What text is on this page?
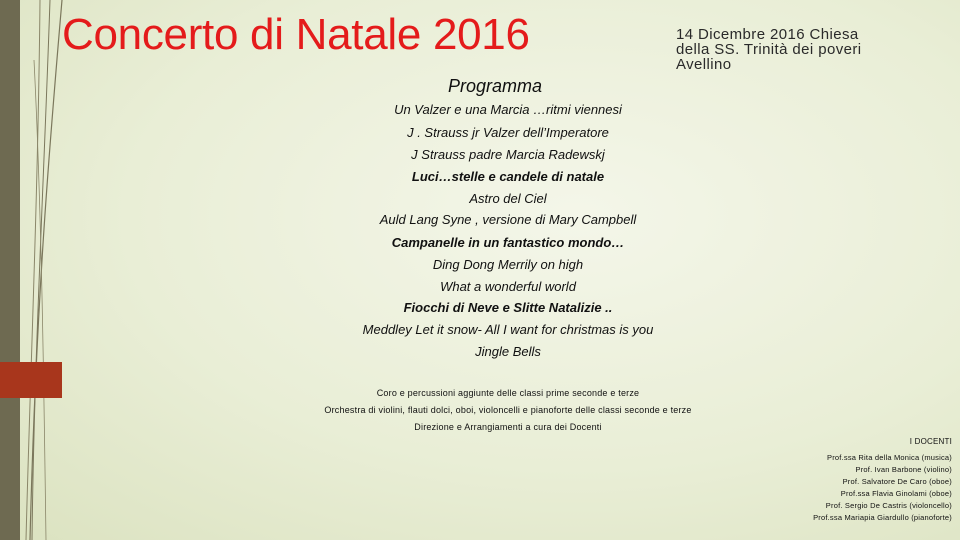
Concerto di Natale 2016	14 Dicembre 2016 Chiesa
della SS. Trinità dei poveri
Avellino
Programma
Un Valzer e una Marcia …ritmi viennesi
J . Strauss jr Valzer dell’Imperatore
J Strauss padre Marcia Radewskj
Luci…stelle e candele di natale
Astro del Ciel
Auld Lang Syne , versione di Mary Campbell
Campanelle in un fantastico mondo…
Ding Dong Merrily on high
What a wonderful world
Fiocchi di Neve e Slitte Natalizie ..
Meddley Let it snow- All I want for christmas is you
Jingle Bells
Coro e percussioni aggiunte delle classi prime seconde e terze
Orchestra di violini, flauti dolci, oboi, violoncelli e pianoforte delle classi seconde e terze
Direzione e Arrangiamenti a cura dei Docenti
I DOCENTI
Prof.ssa Rita della Monica (musica)
Prof. Ivan Barbone (violino)
Prof. Salvatore De Caro (oboe)
Prof.ssa Flavia Ginolami (oboe)
Prof. Sergio De Castris (violoncello)
Prof.ssa Mariapia Giardullo (pianoforte)
